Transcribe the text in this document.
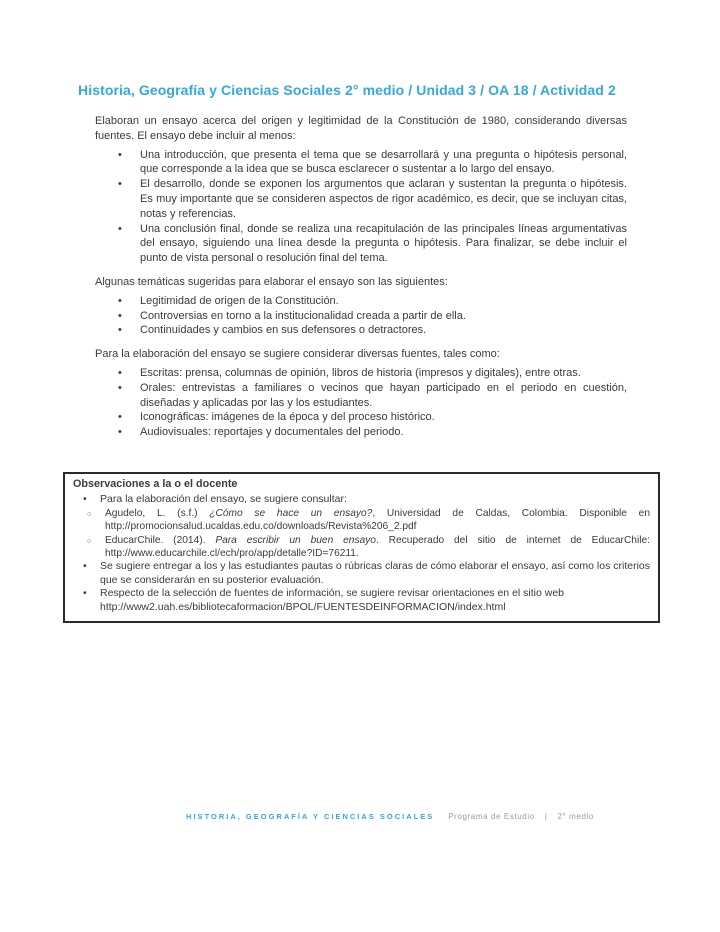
Historia, Geografía y Ciencias Sociales 2° medio / Unidad 3 / OA 18 / Actividad 2

Elaboran un ensayo acerca del origen y legitimidad de la Constitución de 1980, considerando diversas fuentes. El ensayo debe incluir al menos:

• Una introducción, que presenta el tema que se desarrollará y una pregunta o hipótesis personal, que corresponde a la idea que se busca esclarecer o sustentar a lo largo del ensayo.
• El desarrollo, donde se exponen los argumentos que aclaran y sustentan la pregunta o hipótesis. Es muy importante que se consideren aspectos de rigor académico, es decir, que se incluyan citas, notas y referencias.
• Una conclusión final, donde se realiza una recapitulación de las principales líneas argumentativas del ensayo, siguiendo una línea desde la pregunta o hipótesis. Para finalizar, se debe incluir el punto de vista personal o resolución final del tema.

Algunas temáticas sugeridas para elaborar el ensayo son las siguientes:

• Legitimidad de origen de la Constitución.
• Controversias en torno a la institucionalidad creada a partir de ella.
• Continuidades y cambios en sus defensores o detractores.

Para la elaboración del ensayo se sugiere considerar diversas fuentes, tales como:

• Escritas: prensa, columnas de opinión, libros de historia (impresos y digitales), entre otras.
• Orales: entrevistas a familiares o vecinos que hayan participado en el periodo en cuestión, diseñadas y aplicadas por las y los estudiantes.
• Iconográficas: imágenes de la época y del proceso histórico.
• Audiovisuales: reportajes y documentales del periodo.

Observaciones a la o el docente

• Para la elaboración del ensayo, se sugiere consultar:
○ Agudelo, L. (s.f.) ¿Cómo se hace un ensayo?, Universidad de Caldas, Colombia. Disponible en http://promocionsalud.ucaldas.edu.co/downloads/Revista%206_2.pdf
○ EducarChile. (2014). Para escribir un buen ensayo. Recuperado del sitio de internet de EducarChile: http://www.educarchile.cl/ech/pro/app/detalle?ID=76211.
• Se sugiere entregar a los y las estudiantes pautas o rúbricas claras de cómo elaborar el ensayo, así como los criterios que se considerarán en su posterior evaluación.
• Respecto de la selección de fuentes de información, se sugiere revisar orientaciones en el sitio web http://www2.uah.es/bibliotecaformacion/BPOL/FUENTESDEINFORMACION/index.html
HISTORIA, GEOGRAFÍA Y CIENCIAS SOCIALES Programa de Estudio | 2° medio
